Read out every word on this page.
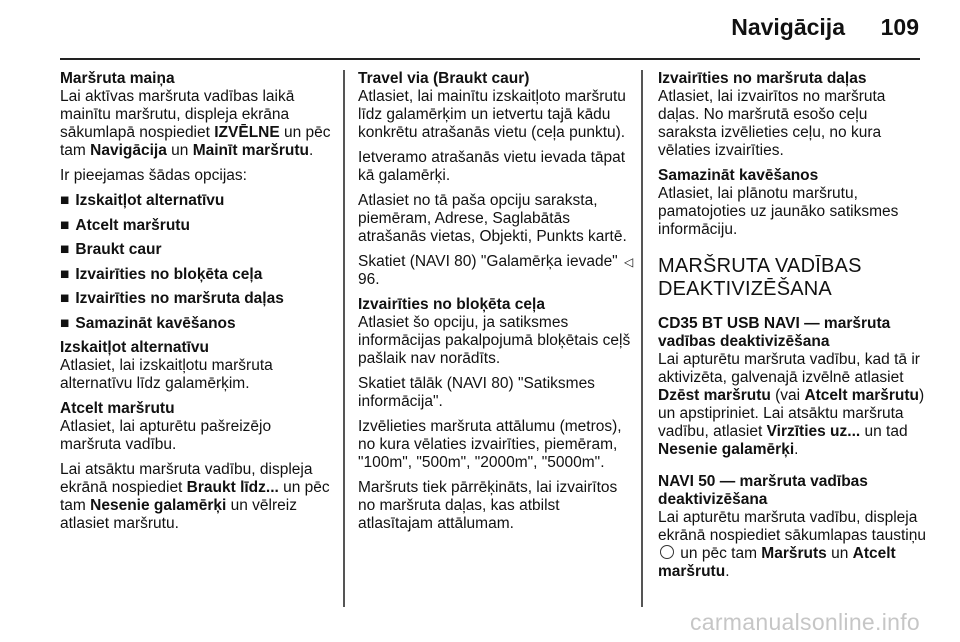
Navigācija 109

Maršruta maiņa
Lai aktīvas maršruta vadības laikā mainītu maršrutu, displeja ekrāna sākumlapā nospiediet IZVĒLNE un pēc tam Navigācija un Mainīt maršrutu.

Ir pieejamas šādas opcijas:

■ Izskaitļot alternatīvu
■ Atcelt maršrutu
■ Braukt caur
■ Izvairīties no bloķēta ceļa
■ Izvairīties no maršruta daļas
■ Samazināt kavēšanos

Izskaitļot alternatīvu
Atlasiet, lai izskaitļotu maršruta alternatīvu līdz galamērķim.

Atcelt maršrutu
Atlasiet, lai apturētu pašreizējo maršruta vadību.

Lai atsāktu maršruta vadību, displeja ekrānā nospiediet Braukt līdz... un pēc tam Nesenie galamērķi un vēlreiz atlasiet maršrutu.

Travel via (Braukt caur)
Atlasiet, lai mainītu izskaitļoto maršrutu līdz galamērķim un ietvertu tajā kādu konkrētu atrašanās vietu (ceļa punktu).

Ietveramo atrašanās vietu ievada tāpat kā galamērķi.

Atlasiet no tā paša opciju saraksta, piemēram, Adrese, Saglabātās atrašanās vietas, Objekti, Punkts kartē.

Skatiet (NAVI 80) "Galamērķa ievade" ◁ 96.

Izvairīties no bloķēta ceļa
Atlasiet šo opciju, ja satiksmes informācijas pakalpojumā bloķētais ceļš pašlaik nav norādīts.

Skatiet tālāk (NAVI 80) "Satiksmes informācija".

Izvēlieties maršruta attālumu (metros), no kura vēlaties izvairīties, piemēram, "100m", "500m", "2000m", "5000m".

Maršruts tiek pārrēķināts, lai izvairītos no maršruta daļas, kas atbilst atlasītajam attālumam.

Izvairīties no maršruta daļas
Atlasiet, lai izvairītos no maršruta daļas. No maršrutā esošo ceļu saraksta izvēlieties ceļu, no kura vēlaties izvairīties.

Samazināt kavēšanos
Atlasiet, lai plānotu maršrutu, pamatojoties uz jaunāko satiksmes informāciju.

MARŠRUTA VADĪBAS DEAKTIVIZĒŠANA

CD35 BT USB NAVI — maršruta vadības deaktivizēšana
Lai apturētu maršruta vadību, kad tā ir aktivizēta, galvenajā izvēlnē atlasiet Dzēst maršrutu (vai Atcelt maršrutu) un apstipriniet. Lai atsāktu maršruta vadību, atlasiet Virzīties uz... un tad Nesenie galamērķi.

NAVI 50 — maršruta vadības deaktivizēšana
Lai apturētu maršruta vadību, displeja ekrānā nospiediet sākumlapas taustiņu  un pēc tam Maršruts un Atcelt maršrutu.

carmanualsonline.info
